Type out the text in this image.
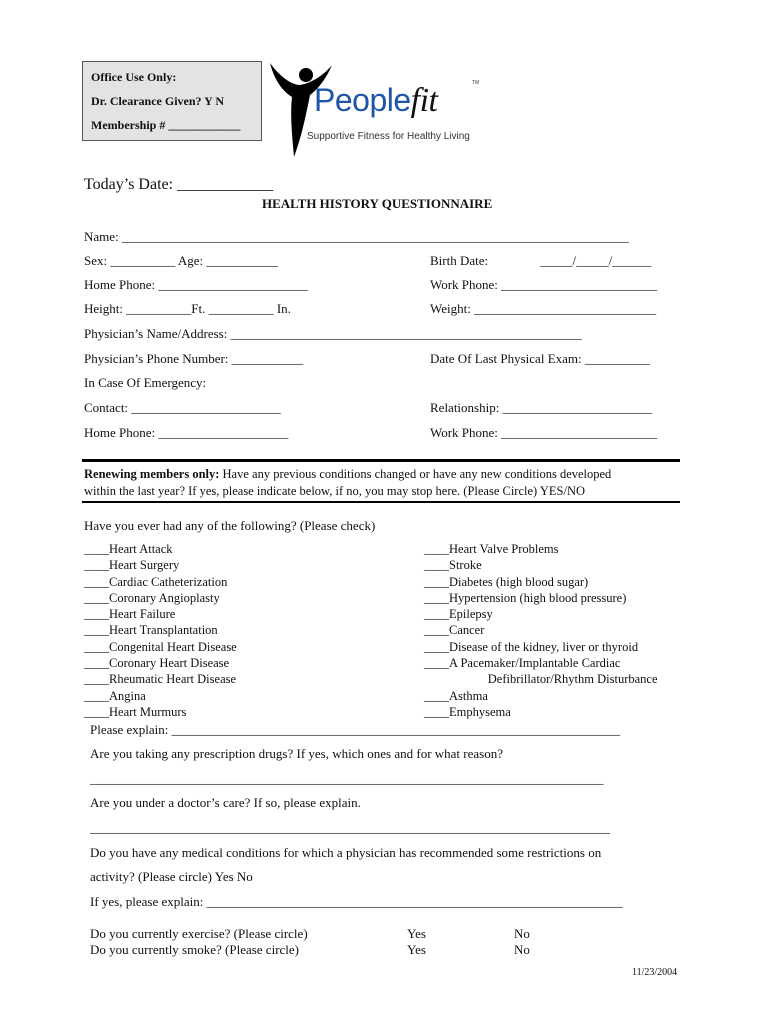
Office Use Only:
Dr. Clearance Given? Y N
Membership # ____________
Peoplefit	TM
Supportive Fitness for Healthy Living
Today’s Date: ____________
HEALTH HISTORY QUESTIONNAIRE
Name: ______________________________________________________________________________
Sex: __________ Age: ___________	Birth Date:	_____/_____/______
Home Phone: _______________________	Work Phone: ________________________
Height: __________Ft. __________ In.	Weight: ____________________________
Physician’s Name/Address: ______________________________________________________
Physician’s Phone Number: ___________	Date Of Last Physical Exam: __________
In Case Of Emergency:
Contact: _______________________	Relationship: _______________________
Home Phone: ____________________	Work Phone: ________________________
Renewing members only: Have any previous conditions changed or have any new conditions developed
within the last year? If yes, please indicate below, if no, you may stop here. (Please Circle) YES/NO
Have you ever had any of the following? (Please check)
____Heart Attack
____Heart Surgery
____Cardiac Catheterization
____Coronary Angioplasty
____Heart Failure
____Heart Transplantation
____Congenital Heart Disease
____Coronary Heart Disease
____Rheumatic Heart Disease
____Angina
____Heart Murmurs
____Heart Valve Problems
____Stroke
____Diabetes (high blood sugar)
____Hypertension (high blood pressure)
____Epilepsy
____Cancer
____Disease of the kidney, liver or thyroid
____A Pacemaker/Implantable Cardiac
Defibrillator/Rhythm Disturbance
____Asthma
____Emphysema
Please explain: _____________________________________________________________________
Are you taking any prescription drugs? If yes, which ones and for what reason?
_______________________________________________________________________________
Are you under a doctor’s care? If so, please explain.
________________________________________________________________________________
Do you have any medical conditions for which a physician has recommended some restrictions on
activity? (Please circle) Yes No
If yes, please explain: ________________________________________________________________
Do you currently exercise? (Please circle)	Yes	No
Do you currently smoke? (Please circle)	Yes	No
11/23/2004
